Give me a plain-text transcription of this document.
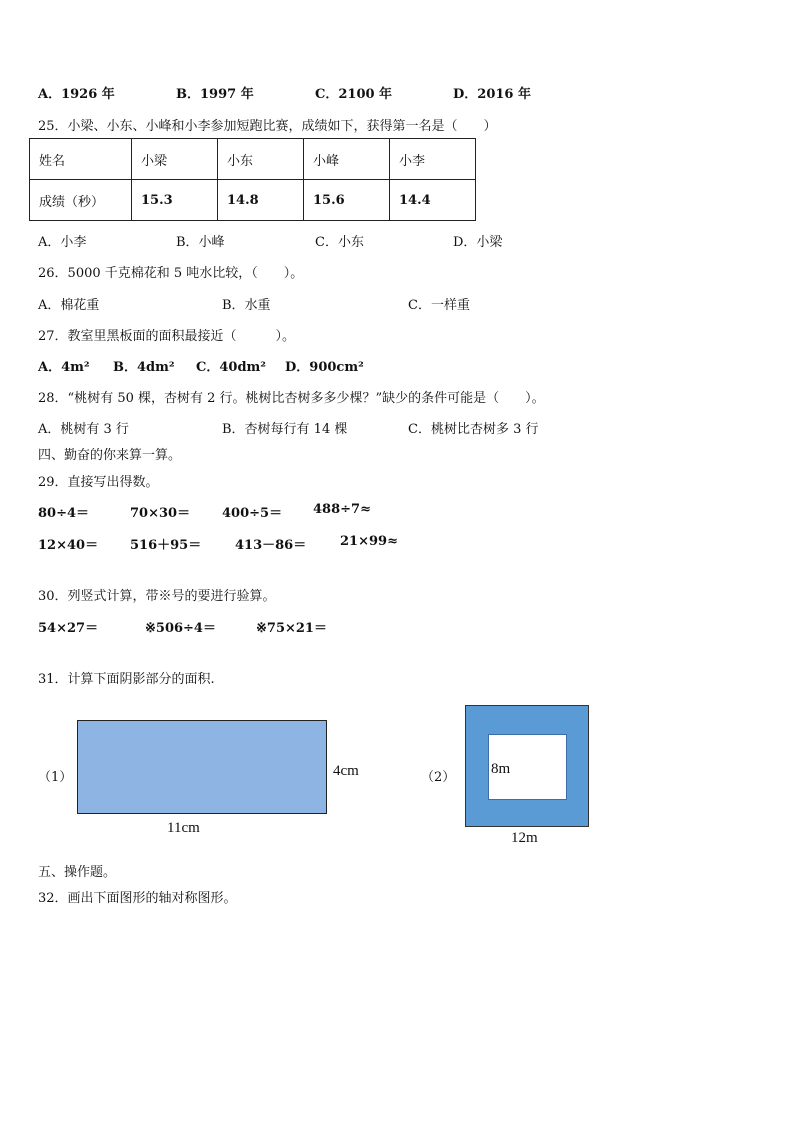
A．1926 年	B．1997 年	C．2100 年	D．2016 年
25．小梁、小东、小峰和小李参加短跑比赛，成绩如下，获得第一名是（　　）
姓名	小梁	小东	小峰	小李
成绩（秒）	15.3	14.8	15.6	14.4
A．小李	B．小峰	C．小东	D．小梁
26．5000 千克棉花和 5 吨水比较，（　　）。
A．棉花重	B．水重	C．一样重
27．教室里黑板面的面积最接近（　　　）。
A．4m² B．4dm² C．40dm² D．900cm²
28．“桃树有 50 棵，杏树有 2 行。桃树比杏树多多少棵？”缺少的条件可能是（　　）。
A．桃树有 3 行	B．杏树每行有 14 棵	C．桃树比杏树多 3 行
四、勤奋的你来算一算。
29．直接写出得数。
80÷4＝	70×30＝ 400÷5＝ 488÷7≈
12×40＝ 516＋95＝	413－86＝	21×99≈
30．列竖式计算，带※号的要进行验算。
54×27＝	※506÷4＝	※75×21＝
31．计算下面阴影部分的面积.
（1）	4cm
11cm
（2）
8m
12m
五、操作题。
32．画出下面图形的轴对称图形。
